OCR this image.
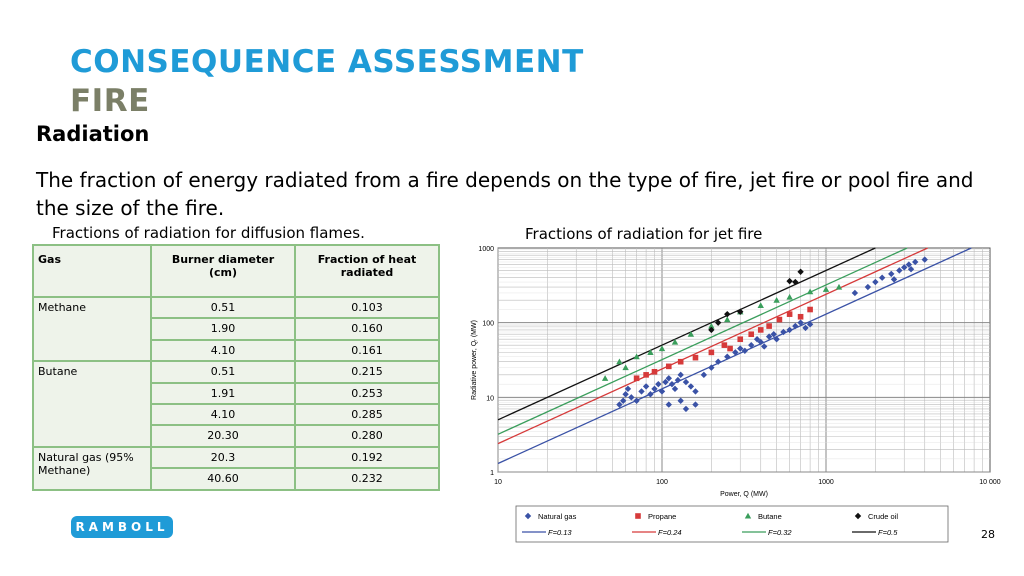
CONSEQUENCE ASSESSMENT
FIRE
Radiation
The fraction of energy radiated from a fire depends on the type of fire, jet fire or pool fire and the size of the fire.
Fractions of radiation for diffusion flames.	Fractions of radiation for jet fire
Gas	Burner diameter (cm)	Fraction of heat radiated
Methane	0.51	0.103
	1.90	0.160
	4.10	0.161
Butane	0.51	0.215
	1.91	0.253
	4.10	0.285
	20.30	0.280
Natural gas (95% Methane)	20.3	0.192
	40.60	0.232	10	100	1000	10 000
1
10
100
1000
Power, Q (MW)
Radiative power, Qᵣ (MW)
Natural gas	Propane	Butane	Crude oil
F=0.13	F=0.24	F=0.32	F=0.5
RAMBOLL
28
